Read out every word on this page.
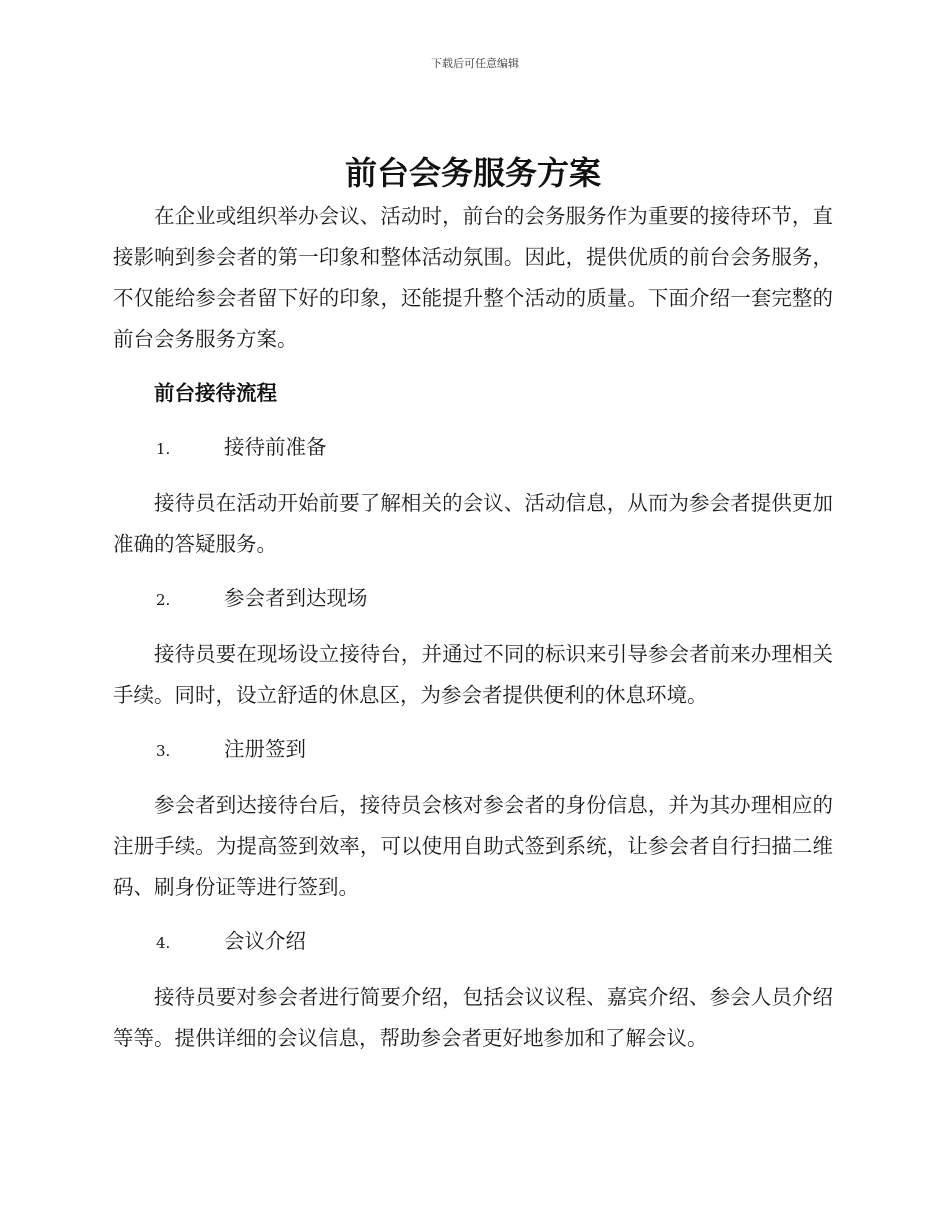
下载后可任意编辑
前台会务服务方案

在企业或组织举办会议、活动时，前台的会务服务作为重要的接待环节，直接影响到参会者的第一印象和整体活动氛围。因此，提供优质的前台会务服务，不仅能给参会者留下好的印象，还能提升整个活动的质量。下面介绍一套完整的前台会务服务方案。

前台接待流程
1.	接待前准备

接待员在活动开始前要了解相关的会议、活动信息，从而为参会者提供更加准确的答疑服务。

2.	参会者到达现场

接待员要在现场设立接待台，并通过不同的标识来引导参会者前来办理相关手续。同时，设立舒适的休息区，为参会者提供便利的休息环境。

3.	注册签到

参会者到达接待台后，接待员会核对参会者的身份信息，并为其办理相应的注册手续。为提高签到效率，可以使用自助式签到系统，让参会者自行扫描二维码、刷身份证等进行签到。

4.	会议介绍

接待员要对参会者进行简要介绍，包括会议议程、嘉宾介绍、参会人员介绍等等。提供详细的会议信息，帮助参会者更好地参加和了解会议。
